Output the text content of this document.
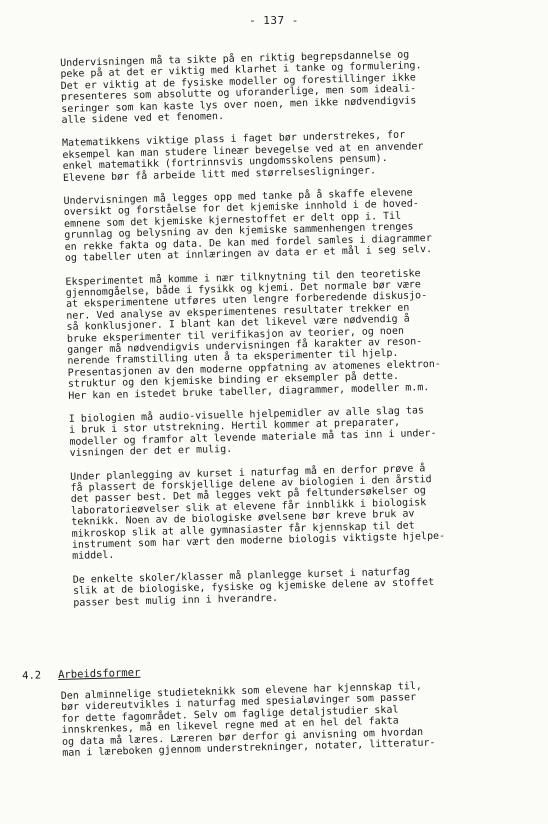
- 137 -

Undervisningen må ta sikte på en riktig begrepsdannelse og
peke på at det er viktig med klarhet i tanke og formulering.
Det er viktig at de fysiske modeller og forestillinger ikke
presenteres som absolutte og uforanderlige, men som ideali-
seringer som kan kaste lys over noen, men ikke nødvendigvis
alle sidene ved et fenomen.

Matematikkens viktige plass i faget bør understrekes, for
eksempel kan man studere lineær bevegelse ved at en anvender
enkel matematikk (fortrinnsvis ungdomsskolens pensum).
Elevene bør få arbeide litt med størrelsesligninger.

Undervisningen må legges opp med tanke på å skaffe elevene
oversikt og forståelse for det kjemiske innhold i de hoved-
emnene som det kjemiske kjernestoffet er delt opp i. Til
grunnlag og belysning av den kjemiske sammenhengen trenges
en rekke fakta og data. De kan med fordel samles i diagrammer
og tabeller uten at innlæringen av data er et mål i seg selv.

Eksperimentet må komme i nær tilknytning til den teoretiske
gjennomgåelse, både i fysikk og kjemi. Det normale bør være
at eksperimentene utføres uten lengre forberedende diskusjo-
ner. Ved analyse av eksperimentenes resultater trekker en
så konklusjoner. I blant kan det likevel være nødvendig å
bruke eksperimenter til verifikasjon av teorier, og noen
ganger må nødvendigvis undervisningen få karakter av reson-
nerende framstilling uten å ta eksperimenter til hjelp.
Presentasjonen av den moderne oppfatning av atomenes elektron-
struktur og den kjemiske binding er eksempler på dette.
Her kan en istedet bruke tabeller, diagrammer, modeller m.m.

I biologien må audio-visuelle hjelpemidler av alle slag tas
i bruk i stor utstrekning. Hertil kommer at preparater,
modeller og framfor alt levende materiale må tas inn i under-
visningen der det er mulig.

Under planlegging av kurset i naturfag må en derfor prøve å
få plassert de forskjellige delene av biologien i den årstid
det passer best. Det må legges vekt på feltundersøkelser og
laboratorieøvelser slik at elevene får innblikk i biologisk
teknikk. Noen av de biologiske øvelsene bør kreve bruk av
mikroskop slik at alle gymnasiaster får kjennskap til det
instrument som har vært den moderne biologis viktigste hjelpe-
middel.

De enkelte skoler/klasser må planlegge kurset i naturfag
slik at de biologiske, fysiske og kjemiske delene av stoffet
passer best mulig inn i hverandre.

4.2 Arbeidsformer

Den alminnelige studieteknikk som elevene har kjennskap til,
bør videreutvikles i naturfag med spesialøvinger som passer
for dette fagområdet. Selv om faglige detaljstudier skal
innskrenkes, må en likevel regne med at en hel del fakta
og data må læres. Læreren bør derfor gi anvisning om hvordan
man i læreboken gjennom understrekninger, notater, litteratur-
